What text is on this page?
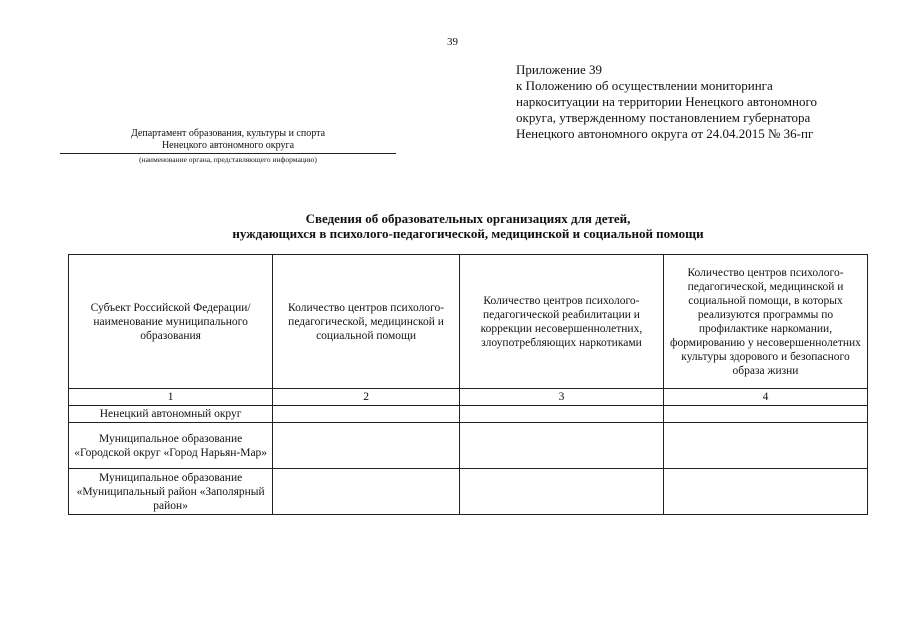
39
Приложение 39
к Положению об осуществлении мониторинга
наркоситуации на территории Ненецкого автономного
округа, утвержденному постановлением губернатора
Ненецкого автономного округа от 24.04.2015 № 36-пг
Департамент образования, культуры и спорта
Ненецкого автономного округа
(наименование органа, представляющего информацию)
Сведения об образовательных организациях для детей,
нуждающихся в психолого-педагогической, медицинской и социальной помощи
Субъект Российской Федерации/ наименование муниципального образования	Количество центров психолого-педагогической, медицинской и социальной помощи	Количество центров психолого-педагогической реабилитации и коррекции несовершеннолетних, злоупотребляющих наркотиками	Количество центров психолого-педагогической, медицинской и социальной помощи, в которых реализуются программы по профилактике наркомании, формированию у несовершеннолетних культуры здорового и безопасного образа жизни
1	2	3	4
Ненецкий автономный округ			
Муниципальное образование «Городской округ «Город Нарьян-Мар»			
Муниципальное образование «Муниципальный район «Заполярный район»			
